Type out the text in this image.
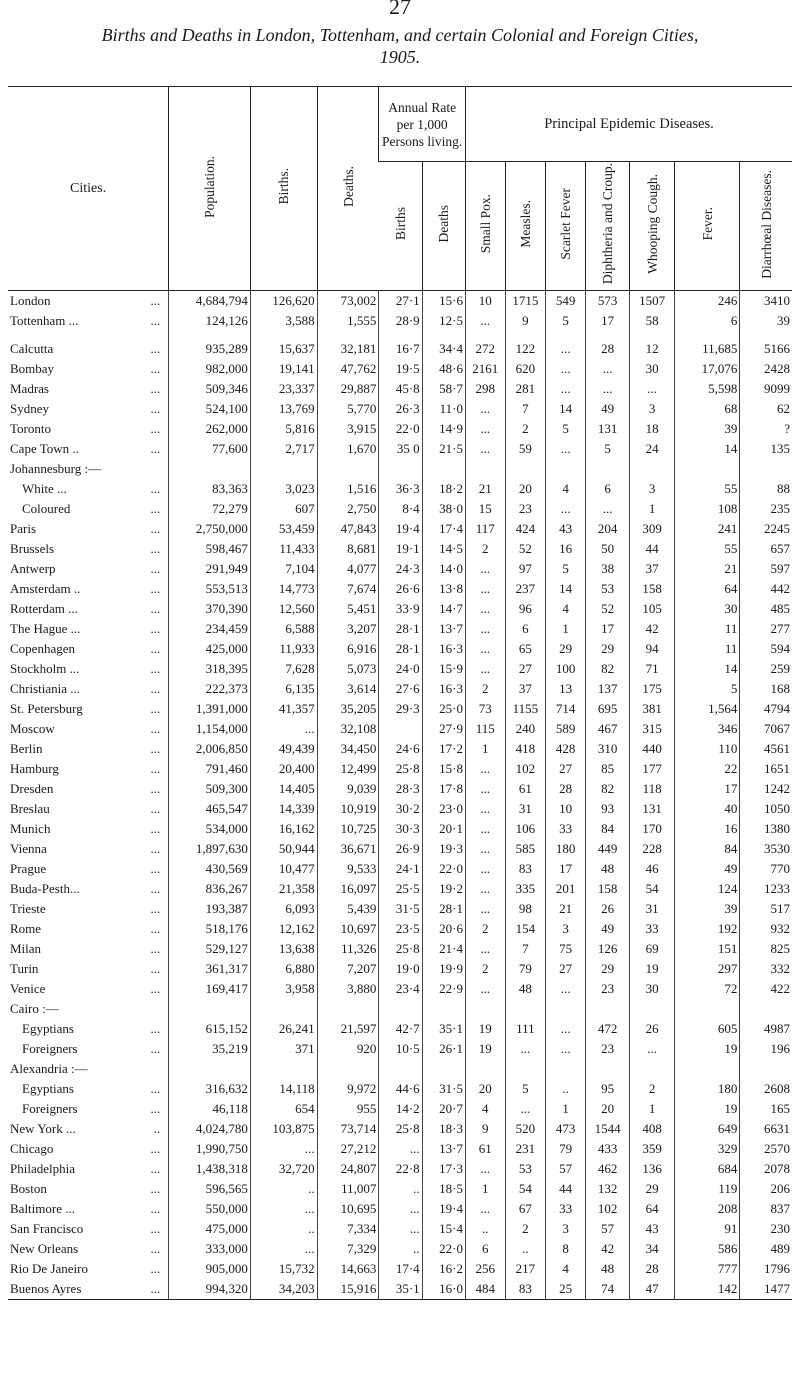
27
Births and Deaths in London, Tottenham, and certain Colonial and Foreign Cities,
1905.
Cities.	Population.	Births.	Deaths.	Annual Rate per 1,000 Persons living.		Principal Epidemic Diseases.						
				Births	Deaths	Small Pox.	Measles.	Scarlet Fever	Diphtheria and Croup.	Whooping Cough.	Fever.	Diarrhœal Diseases.

London ...	4,684,794	126,620	73,002	27·1	15·6	10	1715	549	573	1507	246	3410
Tottenham ... ...	124,126	3,588	1,555	28·9	12·5	...	9	5	17	58	6	39
Calcutta ...	935,289	15,637	32,181	16·7	34·4	272	122	...	28	12	11,685	5166
Bombay ...	982,000	19,141	47,762	19·5	48·6	2161	620	...	...	30	17,076	2428
Madras ...	509,346	23,337	29,887	45·8	58·7	298	281	...	...	...	5,598	9099
Sydney ...	524,100	13,769	5,770	26·3	11·0	...	7	14	49	3	68	62
Toronto ...	262,000	5,816	3,915	22·0	14·9	...	2	5	131	18	39	?
Cape Town .. ...	77,600	2,717	1,670	35 0	21·5	...	59	...	5	24	14	135
Johannesburg :—												
White ... ...	83,363	3,023	1,516	36·3	18·2	21	20	4	6	3	55	88
Coloured ...	72,279	607	2,750	8·4	38·0	15	23	...	...	1	108	235
Paris ...	2,750,000	53,459	47,843	19·4	17·4	117	424	43	204	309	241	2245
Brussels ...	598,467	11,433	8,681	19·1	14·5	2	52	16	50	44	55	657
Antwerp ...	291,949	7,104	4,077	24·3	14·0	...	97	5	38	37	21	597
Amsterdam .. ...	553,513	14,773	7,674	26·6	13·8	...	237	14	53	158	64	442
Rotterdam ... ...	370,390	12,560	5,451	33·9	14·7	...	96	4	52	105	30	485
The Hague ... ...	234,459	6,588	3,207	28·1	13·7	...	6	1	17	42	11	277
Copenhagen ...	425,000	11,933	6,916	28·1	16·3	...	65	29	29	94	11	594
Stockholm ... ...	318,395	7,628	5,073	24·0	15·9	...	27	100	82	71	14	259
Christiania ... ...	222,373	6,135	3,614	27·6	16·3	2	37	13	137	175	5	168
St. Petersburg ...	1,391,000	41,357	35,205	29·3	25·0	73	1155	714	695	381	1,564	4794
Moscow ...	1,154,000	...	32,108		27·9	115	240	589	467	315	346	7067
Berlin ...	2,006,850	49,439	34,450	24·6	17·2	1	418	428	310	440	110	4561
Hamburg ...	791,460	20,400	12,499	25·8	15·8	...	102	27	85	177	22	1651
Dresden ...	509,300	14,405	9,039	28·3	17·8	...	61	28	82	118	17	1242
Breslau ...	465,547	14,339	10,919	30·2	23·0	...	31	10	93	131	40	1050
Munich ...	534,000	16,162	10,725	30·3	20·1	...	106	33	84	170	16	1380
Vienna ...	1,897,630	50,944	36,671	26·9	19·3	...	585	180	449	228	84	3530
Prague ...	430,569	10,477	9,533	24·1	22·0	...	83	17	48	46	49	770
Buda-Pesth... ...	836,267	21,358	16,097	25·5	19·2	...	335	201	158	54	124	1233
Trieste ...	193,387	6,093	5,439	31·5	28·1	...	98	21	26	31	39	517
Rome ...	518,176	12,162	10,697	23·5	20·6	2	154	3	49	33	192	932
Milan ...	529,127	13,638	11,326	25·8	21·4	...	7	75	126	69	151	825
Turin ...	361,317	6,880	7,207	19·0	19·9	2	79	27	29	19	297	332
Venice ...	169,417	3,958	3,880	23·4	22·9	...	48	...	23	30	72	422
Cairo :—												
Egyptians ...	615,152	26,241	21,597	42·7	35·1	19	111	...	472	26	605	4987
Foreigners ...	35,219	371	920	10·5	26·1	19	...	...	23	...	19	196
Alexandria :—												
Egyptians ...	316,632	14,118	9,972	44·6	31·5	20	5	..	95	2	180	2608
Foreigners ...	46,118	654	955	14·2	20·7	4	...	1	20	1	19	165
New York ... ..	4,024,780	103,875	73,714	25·8	18·3	9	520	473	1544	408	649	6631
Chicago ...	1,990,750	...	27,212	...	13·7	61	231	79	433	359	329	2570
Philadelphia ...	1,438,318	32,720	24,807	22·8	17·3	...	53	57	462	136	684	2078
Boston ...	596,565	..	11,007	..	18·5	1	54	44	132	29	119	206
Baltimore ... ...	550,000	...	10,695	...	19·4	...	67	33	102	64	208	837
San Francisco ...	475,000	..	7,334	...	15·4	..	2	3	57	43	91	230
New Orleans ...	333,000	...	7,329	..	22·0	6	..	8	42	34	586	489
Rio De Janeiro ...	905,000	15,732	14,663	17·4	16·2	256	217	4	48	28	777	1796
Buenos Ayres ...	994,320	34,203	15,916	35·1	16·0	484	83	25	74	47	142	1477
